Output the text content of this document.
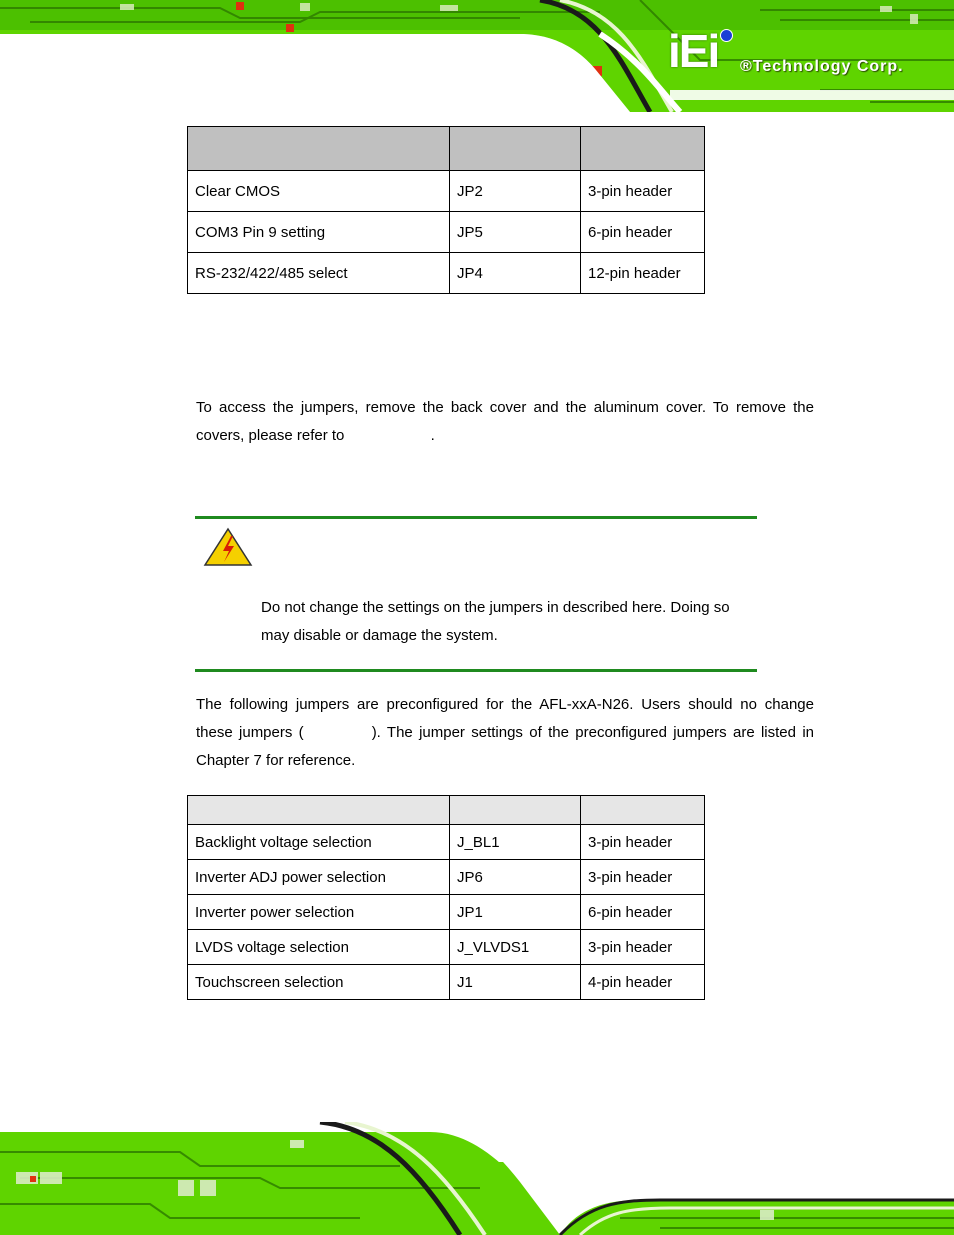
iEi ®Technology Corp.

Clear CMOS	JP2	3-pin header
COM3 Pin 9 setting	JP5	6-pin header
RS-232/422/485 select	JP4	12-pin header

To access the jumpers, remove the back cover and the aluminum cover. To remove the covers, please refer to	.

Do not change the settings on the jumpers in described here. Doing so may disable or damage the system.

The following jumpers are preconfigured for the AFL-xxA-N26. Users should no change these jumpers (	). The jumper settings of the preconfigured jumpers are listed in Chapter 7 for reference.

Backlight voltage selection	J_BL1	3-pin header
Inverter ADJ power selection	JP6	3-pin header
Inverter power selection	JP1	6-pin header
LVDS voltage selection	J_VLVDS1	3-pin header
Touchscreen selection	J1	4-pin header
